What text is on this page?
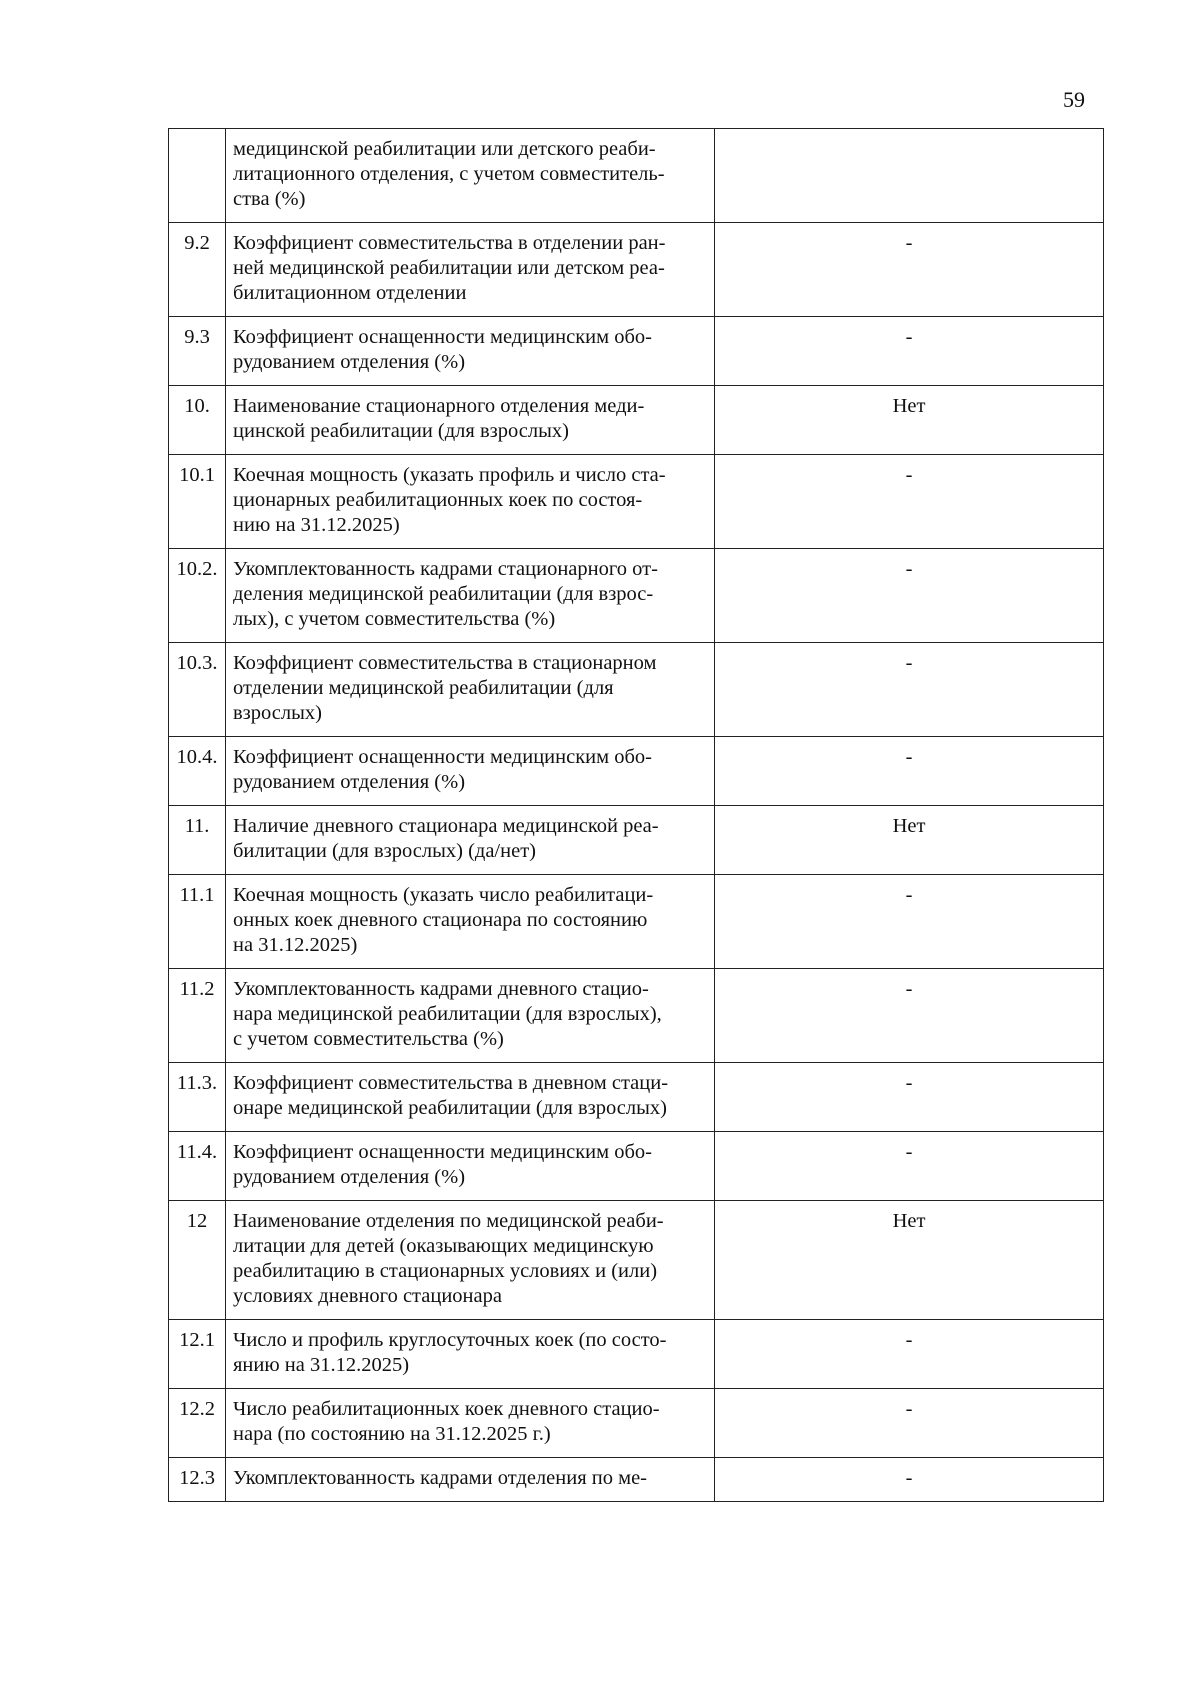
59

	медицинской реабилитации или детского реаби-
литационного отделения, с учетом совместитель-
ства (%)	

9.2	Коэффициент совместительства в отделении ран-
ней медицинской реабилитации или детском реа-
билитационном отделении	-
9.3	Коэффициент оснащенности медицинским обо-
рудованием отделения (%)	-
10.	Наименование стационарного отделения меди-
цинской реабилитации (для взрослых)	Нет
10.1	Коечная мощность (указать профиль и число ста-
ционарных реабилитационных коек по состоя-
нию на 31.12.2025)	-
10.2.	Укомплектованность кадрами стационарного от-
деления медицинской реабилитации (для взрос-
лых), с учетом совместительства (%)	-
10.3.	Коэффициент совместительства в стационарном
отделении медицинской реабилитации (для
взрослых)	-
10.4.	Коэффициент оснащенности медицинским обо-
рудованием отделения (%)	-
11.	Наличие дневного стационара медицинской реа-
билитации (для взрослых) (да/нет)	Нет
11.1	Коечная мощность (указать число реабилитаци-
онных коек дневного стационара по состоянию
на 31.12.2025)	-
11.2	Укомплектованность кадрами дневного стацио-
нара медицинской реабилитации (для взрослых),
с учетом совместительства (%)	-
11.3.	Коэффициент совместительства в дневном стаци-
онаре медицинской реабилитации (для взрослых)	-
11.4.	Коэффициент оснащенности медицинским обо-
рудованием отделения (%)	-
12	Наименование отделения по медицинской реаби-
литации для детей (оказывающих медицинскую
реабилитацию в стационарных условиях и (или)
условиях дневного стационара	Нет
12.1	Число и профиль круглосуточных коек (по состо-
янию на 31.12.2025)	-
12.2	Число реабилитационных коек дневного стацио-
нара (по состоянию на 31.12.2025 г.)	-
12.3	Укомплектованность кадрами отделения по ме-	-
